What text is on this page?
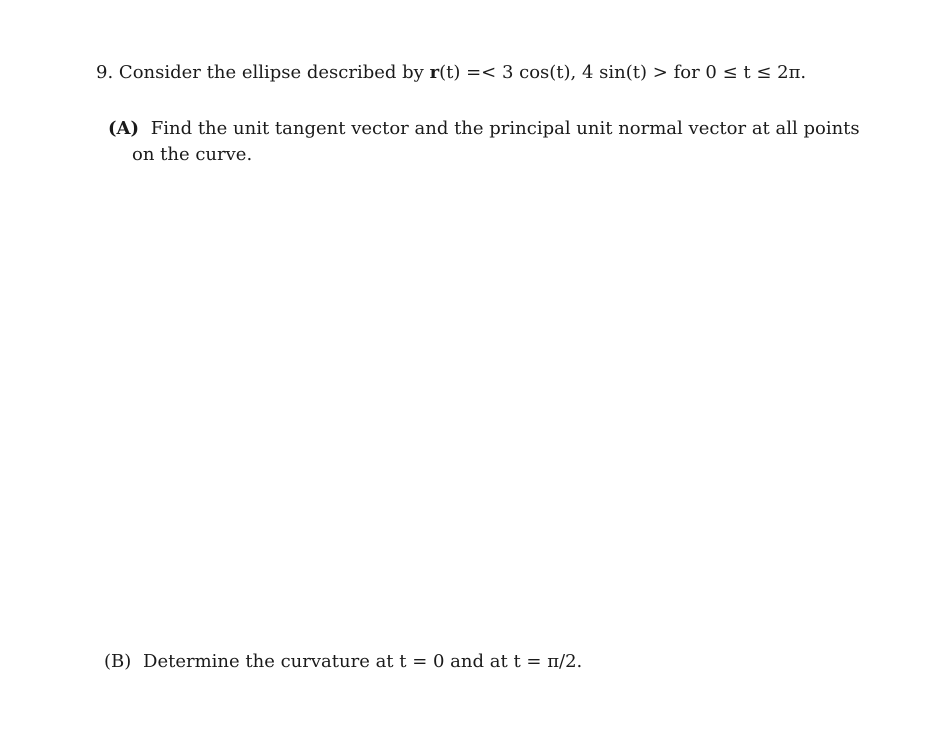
9. Consider the ellipse described by r(t) =< 3 cos(t), 4 sin(t) > for 0 ≤ t ≤ 2π.
(A) Find the unit tangent vector and the principal unit normal vector at all points
on the curve.
(B) Determine the curvature at t = 0 and at t = π/2.
